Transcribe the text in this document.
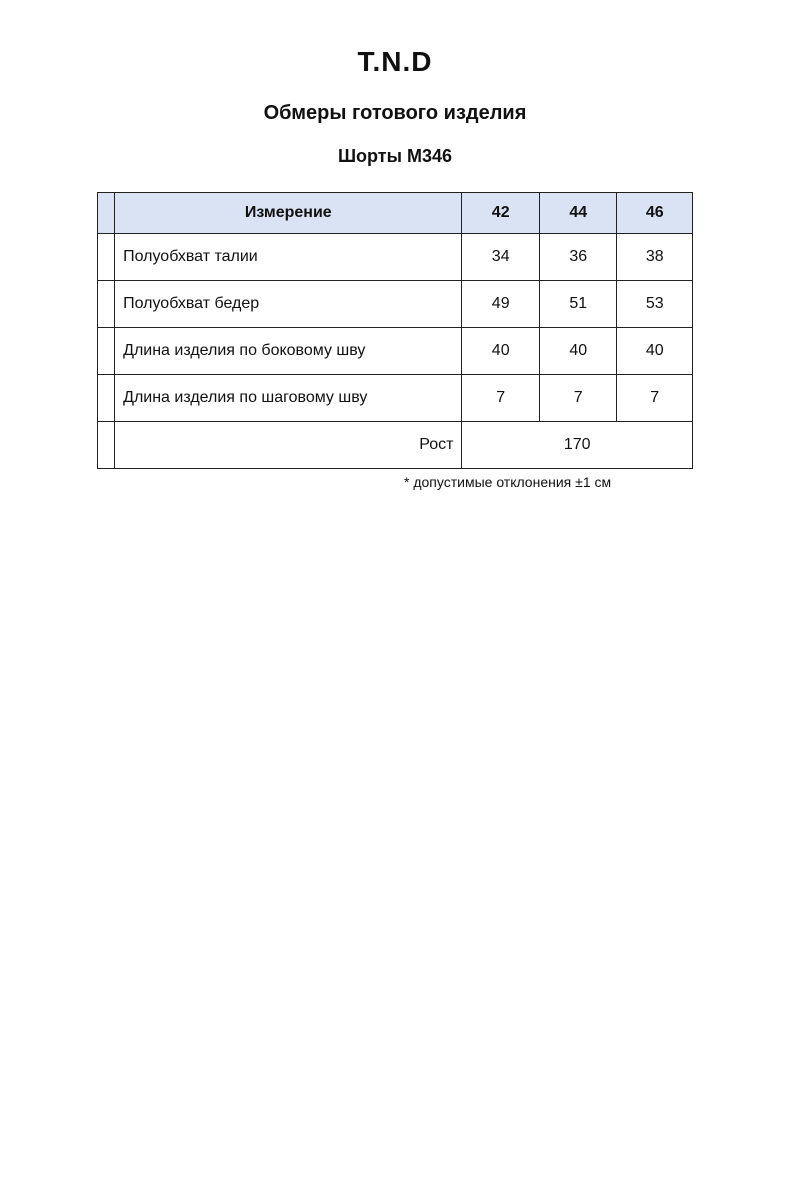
T.N.D
Обмеры готового изделия
Шорты М346
	Измерение	42	44	46
	Полуобхват талии	34	36	38
	Полуобхват бедер	49	51	53
	Длина изделия по боковому шву	40	40	40
	Длина изделия по шаговому шву	7	7	7
	Рост	170		
* допустимые отклонения ±1 см
